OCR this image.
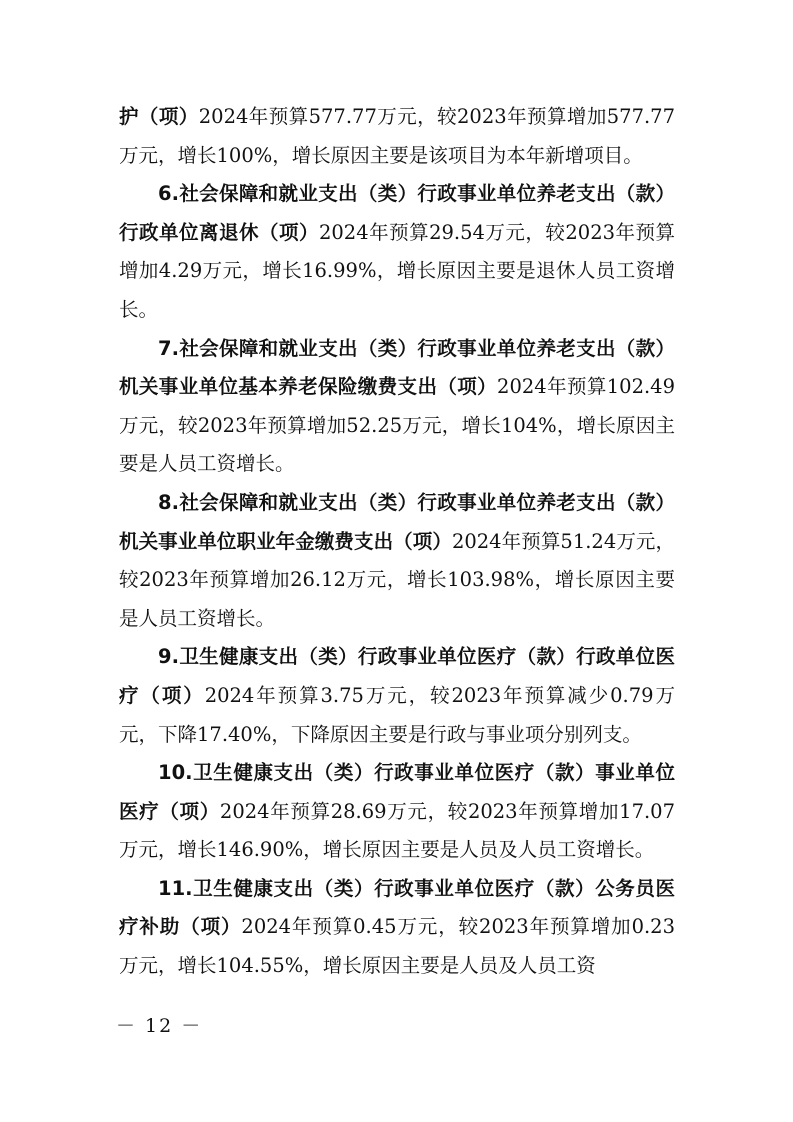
护（项）2024年预算577.77万元，较2023年预算增加577.77万元，增长100%，增长原因主要是该项目为本年新增项目。

6.社会保障和就业支出（类）行政事业单位养老支出（款）行政单位离退休（项）2024年预算29.54万元，较2023年预算增加4.29万元，增长16.99%，增长原因主要是退休人员工资增长。

7.社会保障和就业支出（类）行政事业单位养老支出（款）机关事业单位基本养老保险缴费支出（项）2024年预算102.49万元，较2023年预算增加52.25万元，增长104%，增长原因主要是人员工资增长。

8.社会保障和就业支出（类）行政事业单位养老支出（款）机关事业单位职业年金缴费支出（项）2024年预算51.24万元，较2023年预算增加26.12万元，增长103.98%，增长原因主要是人员工资增长。

9.卫生健康支出（类）行政事业单位医疗（款）行政单位医疗（项）2024年预算3.75万元，较2023年预算减少0.79万元，下降17.40%，下降原因主要是行政与事业项分别列支。

10.卫生健康支出（类）行政事业单位医疗（款）事业单位医疗（项）2024年预算28.69万元，较2023年预算增加17.07万元，增长146.90%，增长原因主要是人员及人员工资增长。

11.卫生健康支出（类）行政事业单位医疗（款）公务员医疗补助（项）2024年预算0.45万元，较2023年预算增加0.23万元，增长104.55%，增长原因主要是人员及人员工资

－ 12 －
